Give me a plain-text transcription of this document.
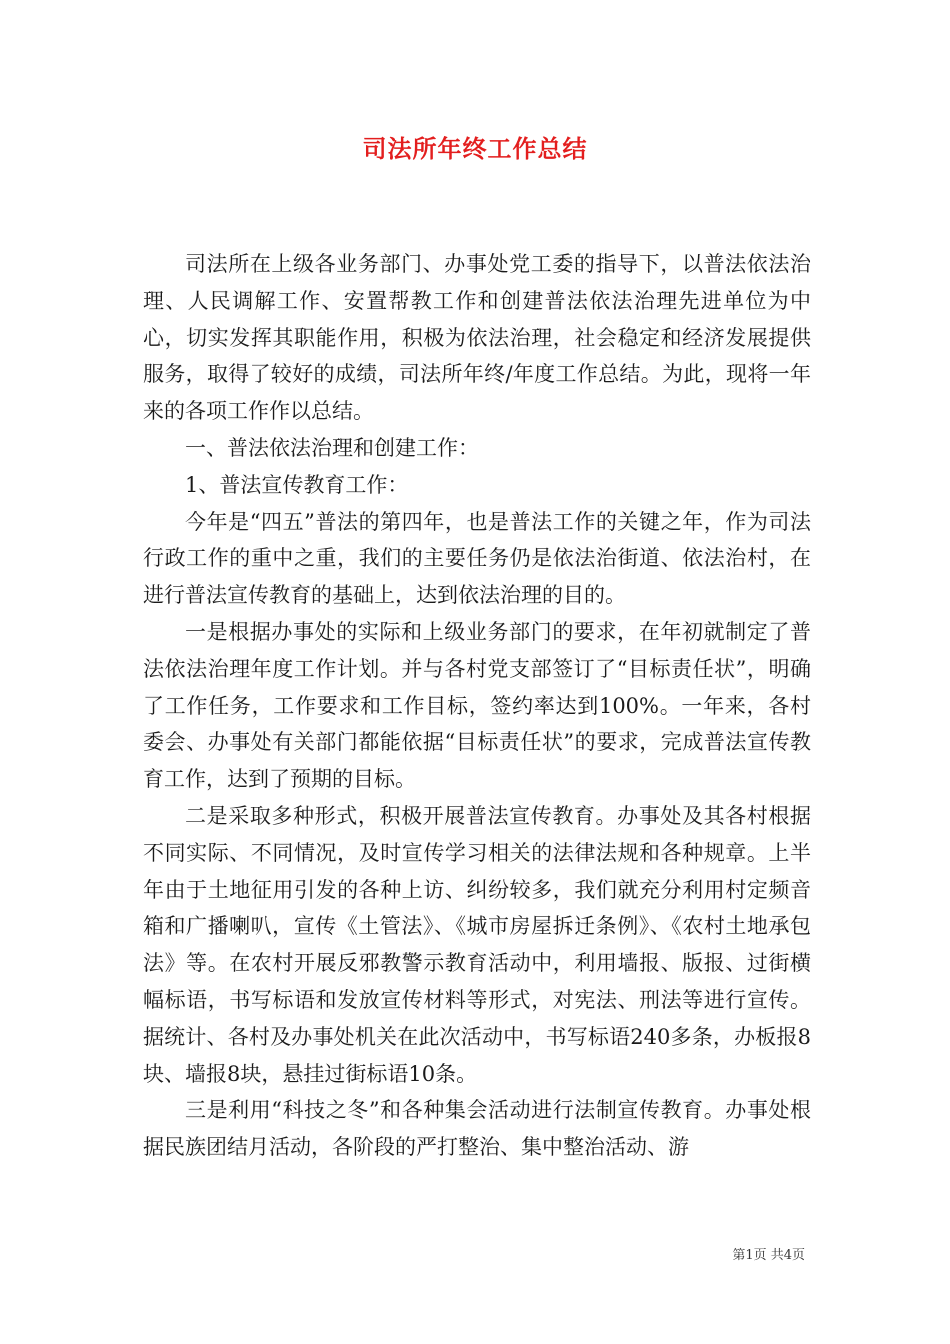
司法所年终工作总结

司法所在上级各业务部门、办事处党工委的指导下，以普法依法治理、人民调解工作、安置帮教工作和创建普法依法治理先进单位为中心，切实发挥其职能作用，积极为依法治理，社会稳定和经济发展提供服务，取得了较好的成绩，司法所年终/年度工作总结。为此，现将一年来的各项工作作以总结。

一、普法依法治理和创建工作：

1、普法宣传教育工作：

今年是“四五”普法的第四年，也是普法工作的关键之年，作为司法行政工作的重中之重，我们的主要任务仍是依法治街道、依法治村，在进行普法宣传教育的基础上，达到依法治理的目的。

一是根据办事处的实际和上级业务部门的要求，在年初就制定了普法依法治理年度工作计划。并与各村党支部签订了“目标责任状”，明确了工作任务，工作要求和工作目标，签约率达到100%。一年来，各村委会、办事处有关部门都能依据“目标责任状”的要求，完成普法宣传教育工作，达到了预期的目标。

二是采取多种形式，积极开展普法宣传教育。办事处及其各村根据不同实际、不同情况，及时宣传学习相关的法律法规和各种规章。上半年由于土地征用引发的各种上访、纠纷较多，我们就充分利用村定频音箱和广播喇叭，宣传《土管法》、《城市房屋拆迁条例》、《农村土地承包法》等。在农村开展反邪教警示教育活动中，利用墙报、版报、过街横幅标语，书写标语和发放宣传材料等形式，对宪法、刑法等进行宣传。据统计、各村及办事处机关在此次活动中，书写标语240多条，办板报8块、墙报8块，悬挂过街标语10条。

三是利用“科技之冬”和各种集会活动进行法制宣传教育。办事处根据民族团结月活动，各阶段的严打整治、集中整治活动、游

第1页 共4页
